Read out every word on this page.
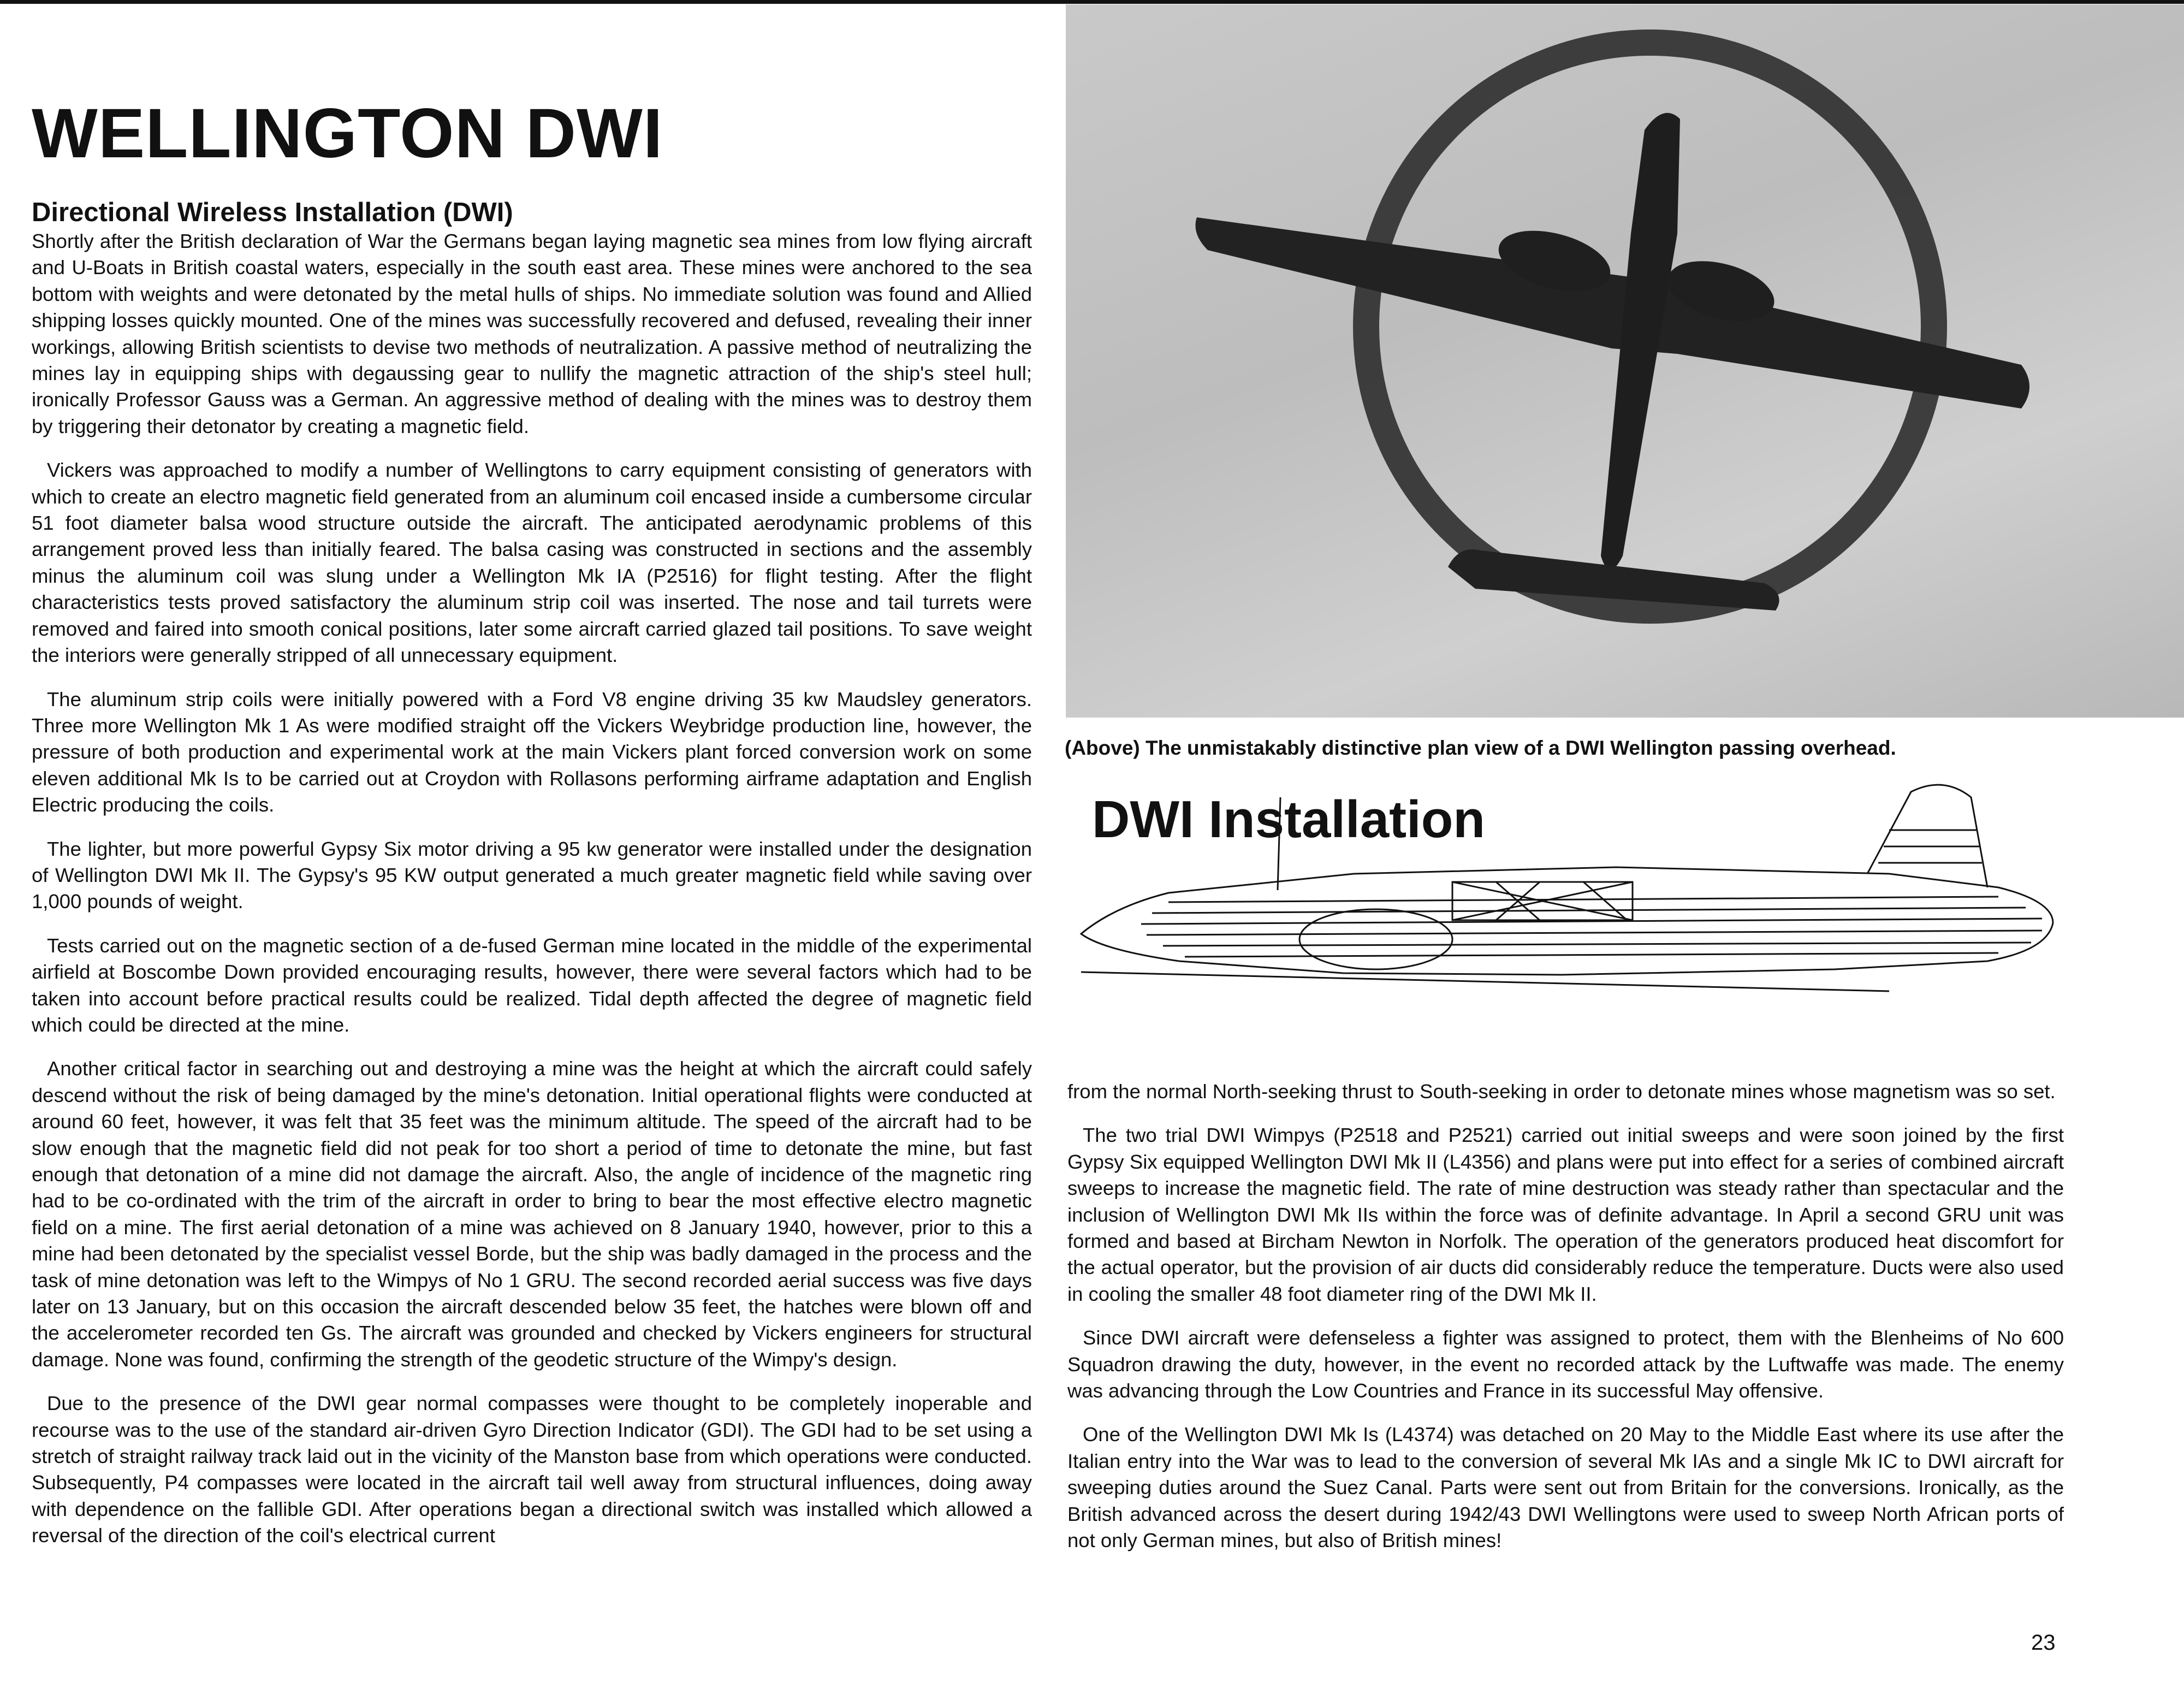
WELLINGTON DWI
Directional Wireless Installation (DWI)

Shortly after the British declaration of War the Germans began laying magnetic sea mines from low flying aircraft and U-Boats in British coastal waters, especially in the south east area. These mines were anchored to the sea bottom with weights and were detonated by the metal hulls of ships. No immediate solution was found and Allied shipping losses quickly mounted. One of the mines was successfully recovered and defused, revealing their inner workings, allowing British scientists to devise two methods of neutralization. A passive method of neutralizing the mines lay in equipping ships with degaussing gear to nullify the magnetic attraction of the ship's steel hull; ironically Professor Gauss was a German. An aggressive method of dealing with the mines was to destroy them by triggering their detonator by creating a magnetic field.

Vickers was approached to modify a number of Wellingtons to carry equipment consisting of generators with which to create an electro magnetic field generated from an aluminum coil encased inside a cumbersome circular 51 foot diameter balsa wood structure outside the aircraft. The anticipated aerodynamic problems of this arrangement proved less than initially feared. The balsa casing was constructed in sections and the assembly minus the aluminum coil was slung under a Wellington Mk IA (P2516) for flight testing. After the flight characteristics tests proved satisfactory the aluminum strip coil was inserted. The nose and tail turrets were removed and faired into smooth conical positions, later some aircraft carried glazed tail positions. To save weight the interiors were generally stripped of all unnecessary equipment.

The aluminum strip coils were initially powered with a Ford V8 engine driving 35 kw Maudsley generators. Three more Wellington Mk 1 As were modified straight off the Vickers Weybridge production line, however, the pressure of both production and experimental work at the main Vickers plant forced conversion work on some eleven additional Mk Is to be carried out at Croydon with Rollasons performing airframe adaptation and English Electric producing the coils.

The lighter, but more powerful Gypsy Six motor driving a 95 kw generator were installed under the designation of Wellington DWI Mk II. The Gypsy's 95 KW output generated a much greater magnetic field while saving over 1,000 pounds of weight.

Tests carried out on the magnetic section of a de-fused German mine located in the middle of the experimental airfield at Boscombe Down provided encouraging results, however, there were several factors which had to be taken into account before practical results could be realized. Tidal depth affected the degree of magnetic field which could be directed at the mine.

Another critical factor in searching out and destroying a mine was the height at which the aircraft could safely descend without the risk of being damaged by the mine's detonation. Initial operational flights were conducted at around 60 feet, however, it was felt that 35 feet was the minimum altitude. The speed of the aircraft had to be slow enough that the magnetic field did not peak for too short a period of time to detonate the mine, but fast enough that detonation of a mine did not damage the aircraft. Also, the angle of incidence of the magnetic ring had to be co-ordinated with the trim of the aircraft in order to bring to bear the most effective electro magnetic field on a mine. The first aerial detonation of a mine was achieved on 8 January 1940, however, prior to this a mine had been detonated by the specialist vessel Borde, but the ship was badly damaged in the process and the task of mine detonation was left to the Wimpys of No 1 GRU. The second recorded aerial success was five days later on 13 January, but on this occasion the aircraft descended below 35 feet, the hatches were blown off and the accelerometer recorded ten Gs. The aircraft was grounded and checked by Vickers engineers for structural damage. None was found, confirming the strength of the geodetic structure of the Wimpy's design.

Due to the presence of the DWI gear normal compasses were thought to be completely inoperable and recourse was to the use of the standard air-driven Gyro Direction Indicator (GDI). The GDI had to be set using a stretch of straight railway track laid out in the vicinity of the Manston base from which operations were conducted. Subsequently, P4 compasses were located in the aircraft tail well away from structural influences, doing away with dependence on the fallible GDI. After operations began a directional switch was installed which allowed a reversal of the direction of the coil's electrical current

(Above) The unmistakably distinctive plan view of a DWI Wellington passing overhead.
DWI Installation

from the normal North-seeking thrust to South-seeking in order to detonate mines whose magnetism was so set.

The two trial DWI Wimpys (P2518 and P2521) carried out initial sweeps and were soon joined by the first Gypsy Six equipped Wellington DWI Mk II (L4356) and plans were put into effect for a series of combined aircraft sweeps to increase the magnetic field. The rate of mine destruction was steady rather than spectacular and the inclusion of Wellington DWI Mk IIs within the force was of definite advantage. In April a second GRU unit was formed and based at Bircham Newton in Norfolk. The operation of the generators produced heat discomfort for the actual operator, but the provision of air ducts did considerably reduce the temperature. Ducts were also used in cooling the smaller 48 foot diameter ring of the DWI Mk II.

Since DWI aircraft were defenseless a fighter was assigned to protect, them with the Blenheims of No 600 Squadron drawing the duty, however, in the event no recorded attack by the Luftwaffe was made. The enemy was advancing through the Low Countries and France in its successful May offensive.

One of the Wellington DWI Mk Is (L4374) was detached on 20 May to the Middle East where its use after the Italian entry into the War was to lead to the conversion of several Mk IAs and a single Mk IC to DWI aircraft for sweeping duties around the Suez Canal. Parts were sent out from Britain for the conversions. Ironically, as the British advanced across the desert during 1942/43 DWI Wellingtons were used to sweep North African ports of not only German mines, but also of British mines!

23
